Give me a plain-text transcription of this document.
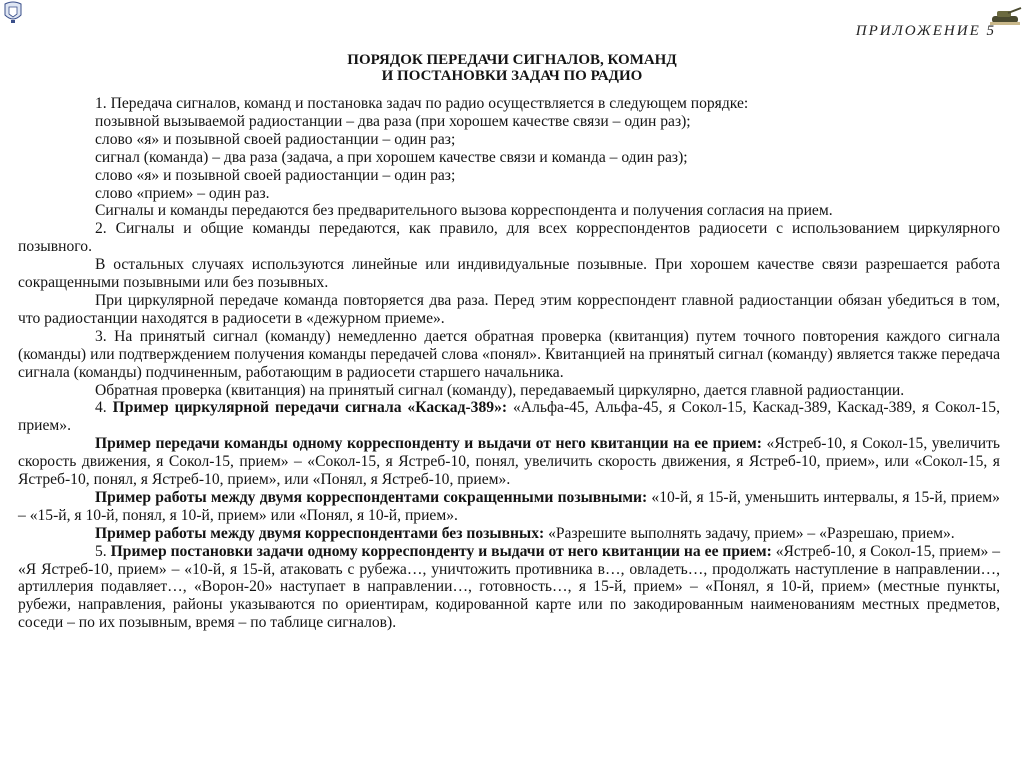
ПРИЛОЖЕНИЕ 5
ПОРЯДОК ПЕРЕДАЧИ СИГНАЛОВ, КОМАНД
И ПОСТАНОВКИ ЗАДАЧ ПО РАДИО

1. Передача сигналов, команд и постановка задач по радио осуществляется в следующем порядке:

позывной вызываемой радиостанции – два раза (при хорошем качестве связи – один раз);

слово «я» и позывной своей радиостанции – один раз;

сигнал (команда) – два раза (задача, а при хорошем качестве связи и команда – один раз);

слово «я» и позывной своей радиостанции – один раз;

слово «прием» – один раз.

Сигналы и команды передаются без предварительного вызова корреспондента и получения согласия на прием.

2. Сигналы и общие команды передаются, как правило, для всех корреспондентов радиосети с использованием циркулярного позывного.

В остальных случаях используются линейные или индивидуальные позывные. При хорошем качестве связи разрешается работа сокращенными позывными или без позывных.

При циркулярной передаче команда повторяется два раза. Перед этим корреспондент главной радиостанции обязан убедиться в том, что радиостанции находятся в радиосети в «дежурном приеме».

3. На принятый сигнал (команду) немедленно дается обратная проверка (квитанция) путем точного повторения каждого сигнала (команды) или подтверждением получения команды передачей слова «понял». Квитанцией на принятый сигнал (команду) является также передача сигнала (команды) подчиненным, работающим в радиосети старшего начальника.

Обратная проверка (квитанция) на принятый сигнал (команду), передаваемый циркулярно, дается главной радиостанции.

4. Пример циркулярной передачи сигнала «Каскад-389»: «Альфа-45, Альфа-45, я Сокол-15, Каскад-389, Каскад-389, я Сокол-15, прием».

Пример передачи команды одному корреспонденту и выдачи от него квитанции на ее прием: «Ястреб-10, я Сокол-15, увеличить скорость движения, я Сокол-15, прием» – «Сокол-15, я Ястреб-10, понял, увеличить скорость движения, я Ястреб-10, прием», или «Сокол-15, я Ястреб-10, понял, я Ястреб-10, прием», или «Понял, я Ястреб-10, прием».

Пример работы между двумя корреспондентами сокращенными позывными: «10-й, я 15-й, уменьшить интервалы, я 15-й, прием» – «15-й, я 10-й, понял, я 10-й, прием» или «Понял, я 10-й, прием».

Пример работы между двумя корреспондентами без позывных: «Разрешите выполнять задачу, прием» – «Разрешаю, прием».

5. Пример постановки задачи одному корреспонденту и выдачи от него квитанции на ее прием: «Ястреб-10, я Сокол-15, прием» – «Я Ястреб-10, прием» – «10-й, я 15-й, атаковать с рубежа…, уничтожить противника в…, овладеть…, продолжать наступление в направлении…, артиллерия подавляет…, «Ворон-20» наступает в направлении…, готовность…, я 15-й, прием» – «Понял, я 10-й, прием» (местные пункты, рубежи, направления, районы указываются по ориентирам, кодированной карте или по закодированным наименованиям местных предметов, соседи – по их позывным, время – по таблице сигналов).
